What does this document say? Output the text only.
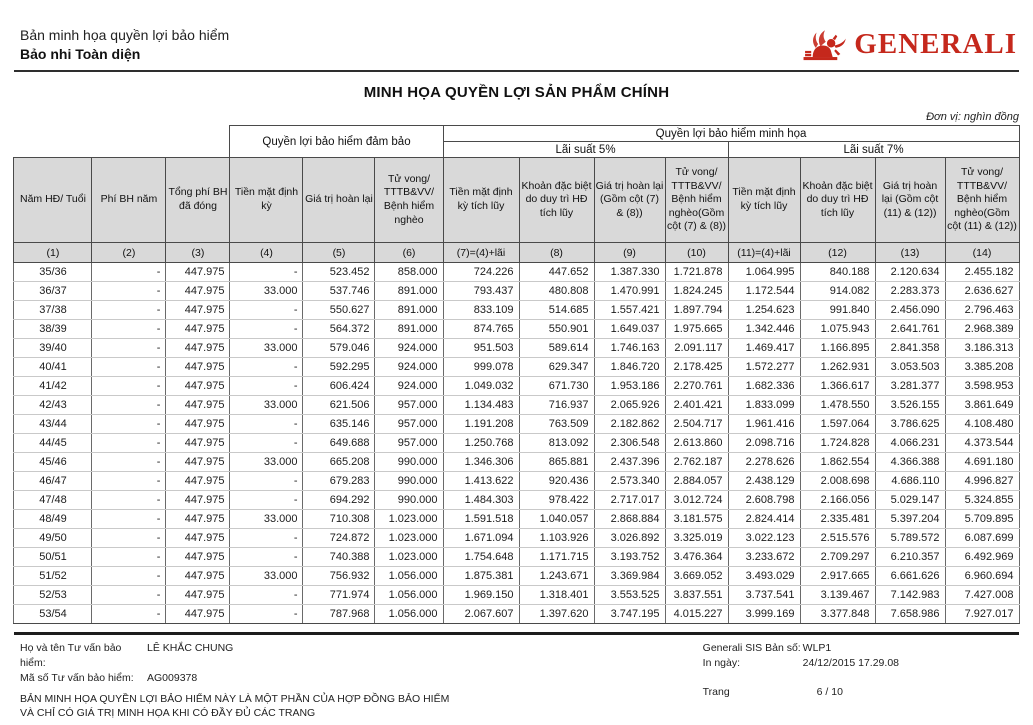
Bản minh họa quyền lợi bảo hiểm
Bảo nhi Toàn diện	GENERALI
MINH HỌA QUYỀN LỢI SẢN PHẨM CHÍNH
Đơn vị: nghìn đồng
			Quyền lợi bảo hiểm đảm bảo			Quyền lợi bảo hiểm minh họa							
						Lãi suất 5%				Lãi suất 7%			
Năm HĐ/ Tuổi	Phí BH năm	Tổng phí BH đã đóng	Tiền mặt định kỳ	Giá trị hoàn lại	Tử vong/ TTTB&VV/ Bệnh hiểm nghèo	Tiền mặt định kỳ tích lũy	Khoản đặc biệt do duy trì HĐ tích lũy	Giá trị hoàn lại (Gồm cột (7) & (8))	Tử vong/ TTTB&VV/ Bệnh hiểm nghèo(Gồm cột (7) & (8))	Tiền mặt định kỳ tích lũy	Khoản đặc biệt do duy trì HĐ tích lũy	Giá trị hoàn lại (Gồm cột (11) & (12))	Tử vong/ TTTB&VV/ Bệnh hiểm nghèo(Gồm cột (11) & (12))
(1)	(2)	(3)	(4)	(5)	(6)	(7)=(4)+lãi	(8)	(9)	(10)	(11)=(4)+lãi	(12)	(13)	(14)
35/36	-	447.975	-	523.452	858.000	724.226	447.652	1.387.330	1.721.878	1.064.995	840.188	2.120.634	2.455.182
36/37	-	447.975	33.000	537.746	891.000	793.437	480.808	1.470.991	1.824.245	1.172.544	914.082	2.283.373	2.636.627
37/38	-	447.975	-	550.627	891.000	833.109	514.685	1.557.421	1.897.794	1.254.623	991.840	2.456.090	2.796.463
38/39	-	447.975	-	564.372	891.000	874.765	550.901	1.649.037	1.975.665	1.342.446	1.075.943	2.641.761	2.968.389
39/40	-	447.975	33.000	579.046	924.000	951.503	589.614	1.746.163	2.091.117	1.469.417	1.166.895	2.841.358	3.186.313
40/41	-	447.975	-	592.295	924.000	999.078	629.347	1.846.720	2.178.425	1.572.277	1.262.931	3.053.503	3.385.208
41/42	-	447.975	-	606.424	924.000	1.049.032	671.730	1.953.186	2.270.761	1.682.336	1.366.617	3.281.377	3.598.953
42/43	-	447.975	33.000	621.506	957.000	1.134.483	716.937	2.065.926	2.401.421	1.833.099	1.478.550	3.526.155	3.861.649
43/44	-	447.975	-	635.146	957.000	1.191.208	763.509	2.182.862	2.504.717	1.961.416	1.597.064	3.786.625	4.108.480
44/45	-	447.975	-	649.688	957.000	1.250.768	813.092	2.306.548	2.613.860	2.098.716	1.724.828	4.066.231	4.373.544
45/46	-	447.975	33.000	665.208	990.000	1.346.306	865.881	2.437.396	2.762.187	2.278.626	1.862.554	4.366.388	4.691.180
46/47	-	447.975	-	679.283	990.000	1.413.622	920.436	2.573.340	2.884.057	2.438.129	2.008.698	4.686.110	4.996.827
47/48	-	447.975	-	694.292	990.000	1.484.303	978.422	2.717.017	3.012.724	2.608.798	2.166.056	5.029.147	5.324.855
48/49	-	447.975	33.000	710.308	1.023.000	1.591.518	1.040.057	2.868.884	3.181.575	2.824.414	2.335.481	5.397.204	5.709.895
49/50	-	447.975	-	724.872	1.023.000	1.671.094	1.103.926	3.026.892	3.325.019	3.022.123	2.515.576	5.789.572	6.087.699
50/51	-	447.975	-	740.388	1.023.000	1.754.648	1.171.715	3.193.752	3.476.364	3.233.672	2.709.297	6.210.357	6.492.969
51/52	-	447.975	33.000	756.932	1.056.000	1.875.381	1.243.671	3.369.984	3.669.052	3.493.029	2.917.665	6.661.626	6.960.694
52/53	-	447.975	-	771.974	1.056.000	1.969.150	1.318.401	3.553.525	3.837.551	3.737.541	3.139.467	7.142.983	7.427.008
53/54	-	447.975	-	787.968	1.056.000	2.067.607	1.397.620	3.747.195	4.015.227	3.999.169	3.377.848	7.658.986	7.927.017
Họ và tên Tư vấn bảo hiểm:
LÊ KHẮC CHUNG
Mã số Tư vấn bảo hiểm:	AG009378
BẢN MINH HỌA QUYỀN LỢI BẢO HIỂM NÀY LÀ MỘT PHẦN CỦA HỢP ĐỒNG BẢO HIỂM
VÀ CHỈ CÓ GIÁ TRỊ MINH HỌA KHI CÓ ĐẦY ĐỦ CÁC TRANG
Generali SIS Bản số: WLP1
In ngày:	24/12/2015 17.29.08
Trang	6 / 10
